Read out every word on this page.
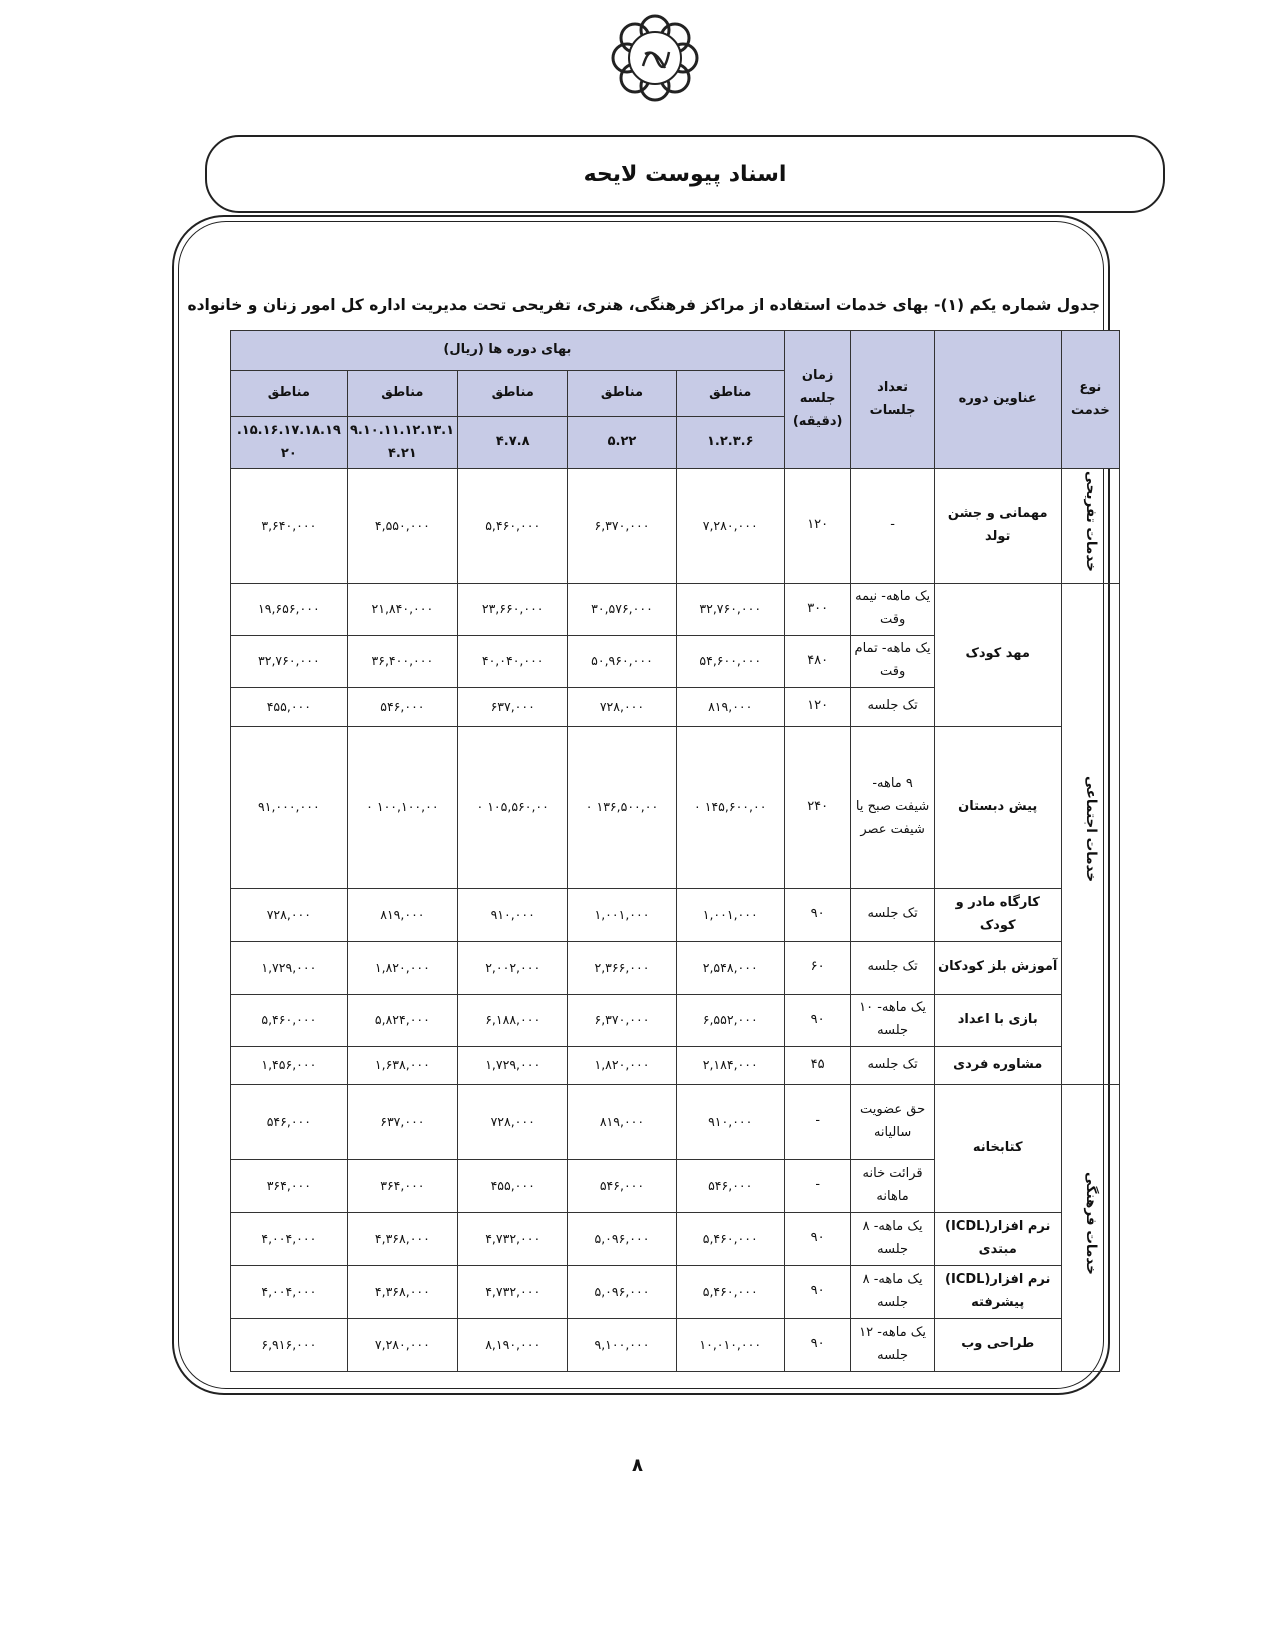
اسناد پیوست لایحه
جدول شماره یکم (۱)- بهای خدمات استفاده از مراکز فرهنگی، هنری، تفریحی تحت مدیریت اداره کل امور زنان و خانواده
نوع خدمت	عناوین دوره	تعداد جلسات	زمان جلسه (دقیقه)	بهای دوره ها (ریال)				
				مناطق	مناطق	مناطق	مناطق	مناطق
				۱.۲.۳.۶	۵.۲۲	۴.۷.۸	۹.۱۰.۱۱.۱۲.۱۳.۱ ۴.۲۱	۱۵.۱۶.۱۷.۱۸.۱۹. ۲۰
خدمات تفریحی	مهمانی و جشن تولد	-	۱۲۰	۷,۲۸۰,۰۰۰	۶,۳۷۰,۰۰۰	۵,۴۶۰,۰۰۰	۴,۵۵۰,۰۰۰	۳,۶۴۰,۰۰۰
خدمات اجتماعی	مهد کودک	یک ماهه- نیمه وقت	۳۰۰	۳۲,۷۶۰,۰۰۰	۳۰,۵۷۶,۰۰۰	۲۳,۶۶۰,۰۰۰	۲۱,۸۴۰,۰۰۰	۱۹,۶۵۶,۰۰۰
		یک ماهه- تمام وقت	۴۸۰	۵۴,۶۰۰,۰۰۰	۵۰,۹۶۰,۰۰۰	۴۰,۰۴۰,۰۰۰	۳۶,۴۰۰,۰۰۰	۳۲,۷۶۰,۰۰۰
		تک جلسه	۱۲۰	۸۱۹,۰۰۰	۷۲۸,۰۰۰	۶۳۷,۰۰۰	۵۴۶,۰۰۰	۴۵۵,۰۰۰
	پیش دبستان	۹ ماهه- شیفت صبح یا شیفت عصر	۲۴۰	۱۴۵,۶۰۰,۰۰ ۰	۱۳۶,۵۰۰,۰۰ ۰	۱۰۵,۵۶۰,۰۰ ۰	۱۰۰,۱۰۰,۰۰ ۰	۹۱,۰۰۰,۰۰۰
	کارگاه مادر و کودک	تک جلسه	۹۰	۱,۰۰۱,۰۰۰	۱,۰۰۱,۰۰۰	۹۱۰,۰۰۰	۸۱۹,۰۰۰	۷۲۸,۰۰۰
	آموزش بلز کودکان	تک جلسه	۶۰	۲,۵۴۸,۰۰۰	۲,۳۶۶,۰۰۰	۲,۰۰۲,۰۰۰	۱,۸۲۰,۰۰۰	۱,۷۲۹,۰۰۰
	بازی با اعداد	یک ماهه- ۱۰ جلسه	۹۰	۶,۵۵۲,۰۰۰	۶,۳۷۰,۰۰۰	۶,۱۸۸,۰۰۰	۵,۸۲۴,۰۰۰	۵,۴۶۰,۰۰۰
	مشاوره فردی	تک جلسه	۴۵	۲,۱۸۴,۰۰۰	۱,۸۲۰,۰۰۰	۱,۷۲۹,۰۰۰	۱,۶۳۸,۰۰۰	۱,۴۵۶,۰۰۰
خدمات فرهنگی	کتابخانه	حق عضویت سالیانه	-	۹۱۰,۰۰۰	۸۱۹,۰۰۰	۷۲۸,۰۰۰	۶۳۷,۰۰۰	۵۴۶,۰۰۰
		قرائت خانه ماهانه	-	۵۴۶,۰۰۰	۵۴۶,۰۰۰	۴۵۵,۰۰۰	۳۶۴,۰۰۰	۳۶۴,۰۰۰
	نرم افزار(ICDL) مبتدی	یک ماهه- ۸ جلسه	۹۰	۵,۴۶۰,۰۰۰	۵,۰۹۶,۰۰۰	۴,۷۳۲,۰۰۰	۴,۳۶۸,۰۰۰	۴,۰۰۴,۰۰۰
	نرم افزار(ICDL) پیشرفته	یک ماهه- ۸ جلسه	۹۰	۵,۴۶۰,۰۰۰	۵,۰۹۶,۰۰۰	۴,۷۳۲,۰۰۰	۴,۳۶۸,۰۰۰	۴,۰۰۴,۰۰۰
	طراحی وب	یک ماهه- ۱۲ جلسه	۹۰	۱۰,۰۱۰,۰۰۰	۹,۱۰۰,۰۰۰	۸,۱۹۰,۰۰۰	۷,۲۸۰,۰۰۰	۶,۹۱۶,۰۰۰
۸
